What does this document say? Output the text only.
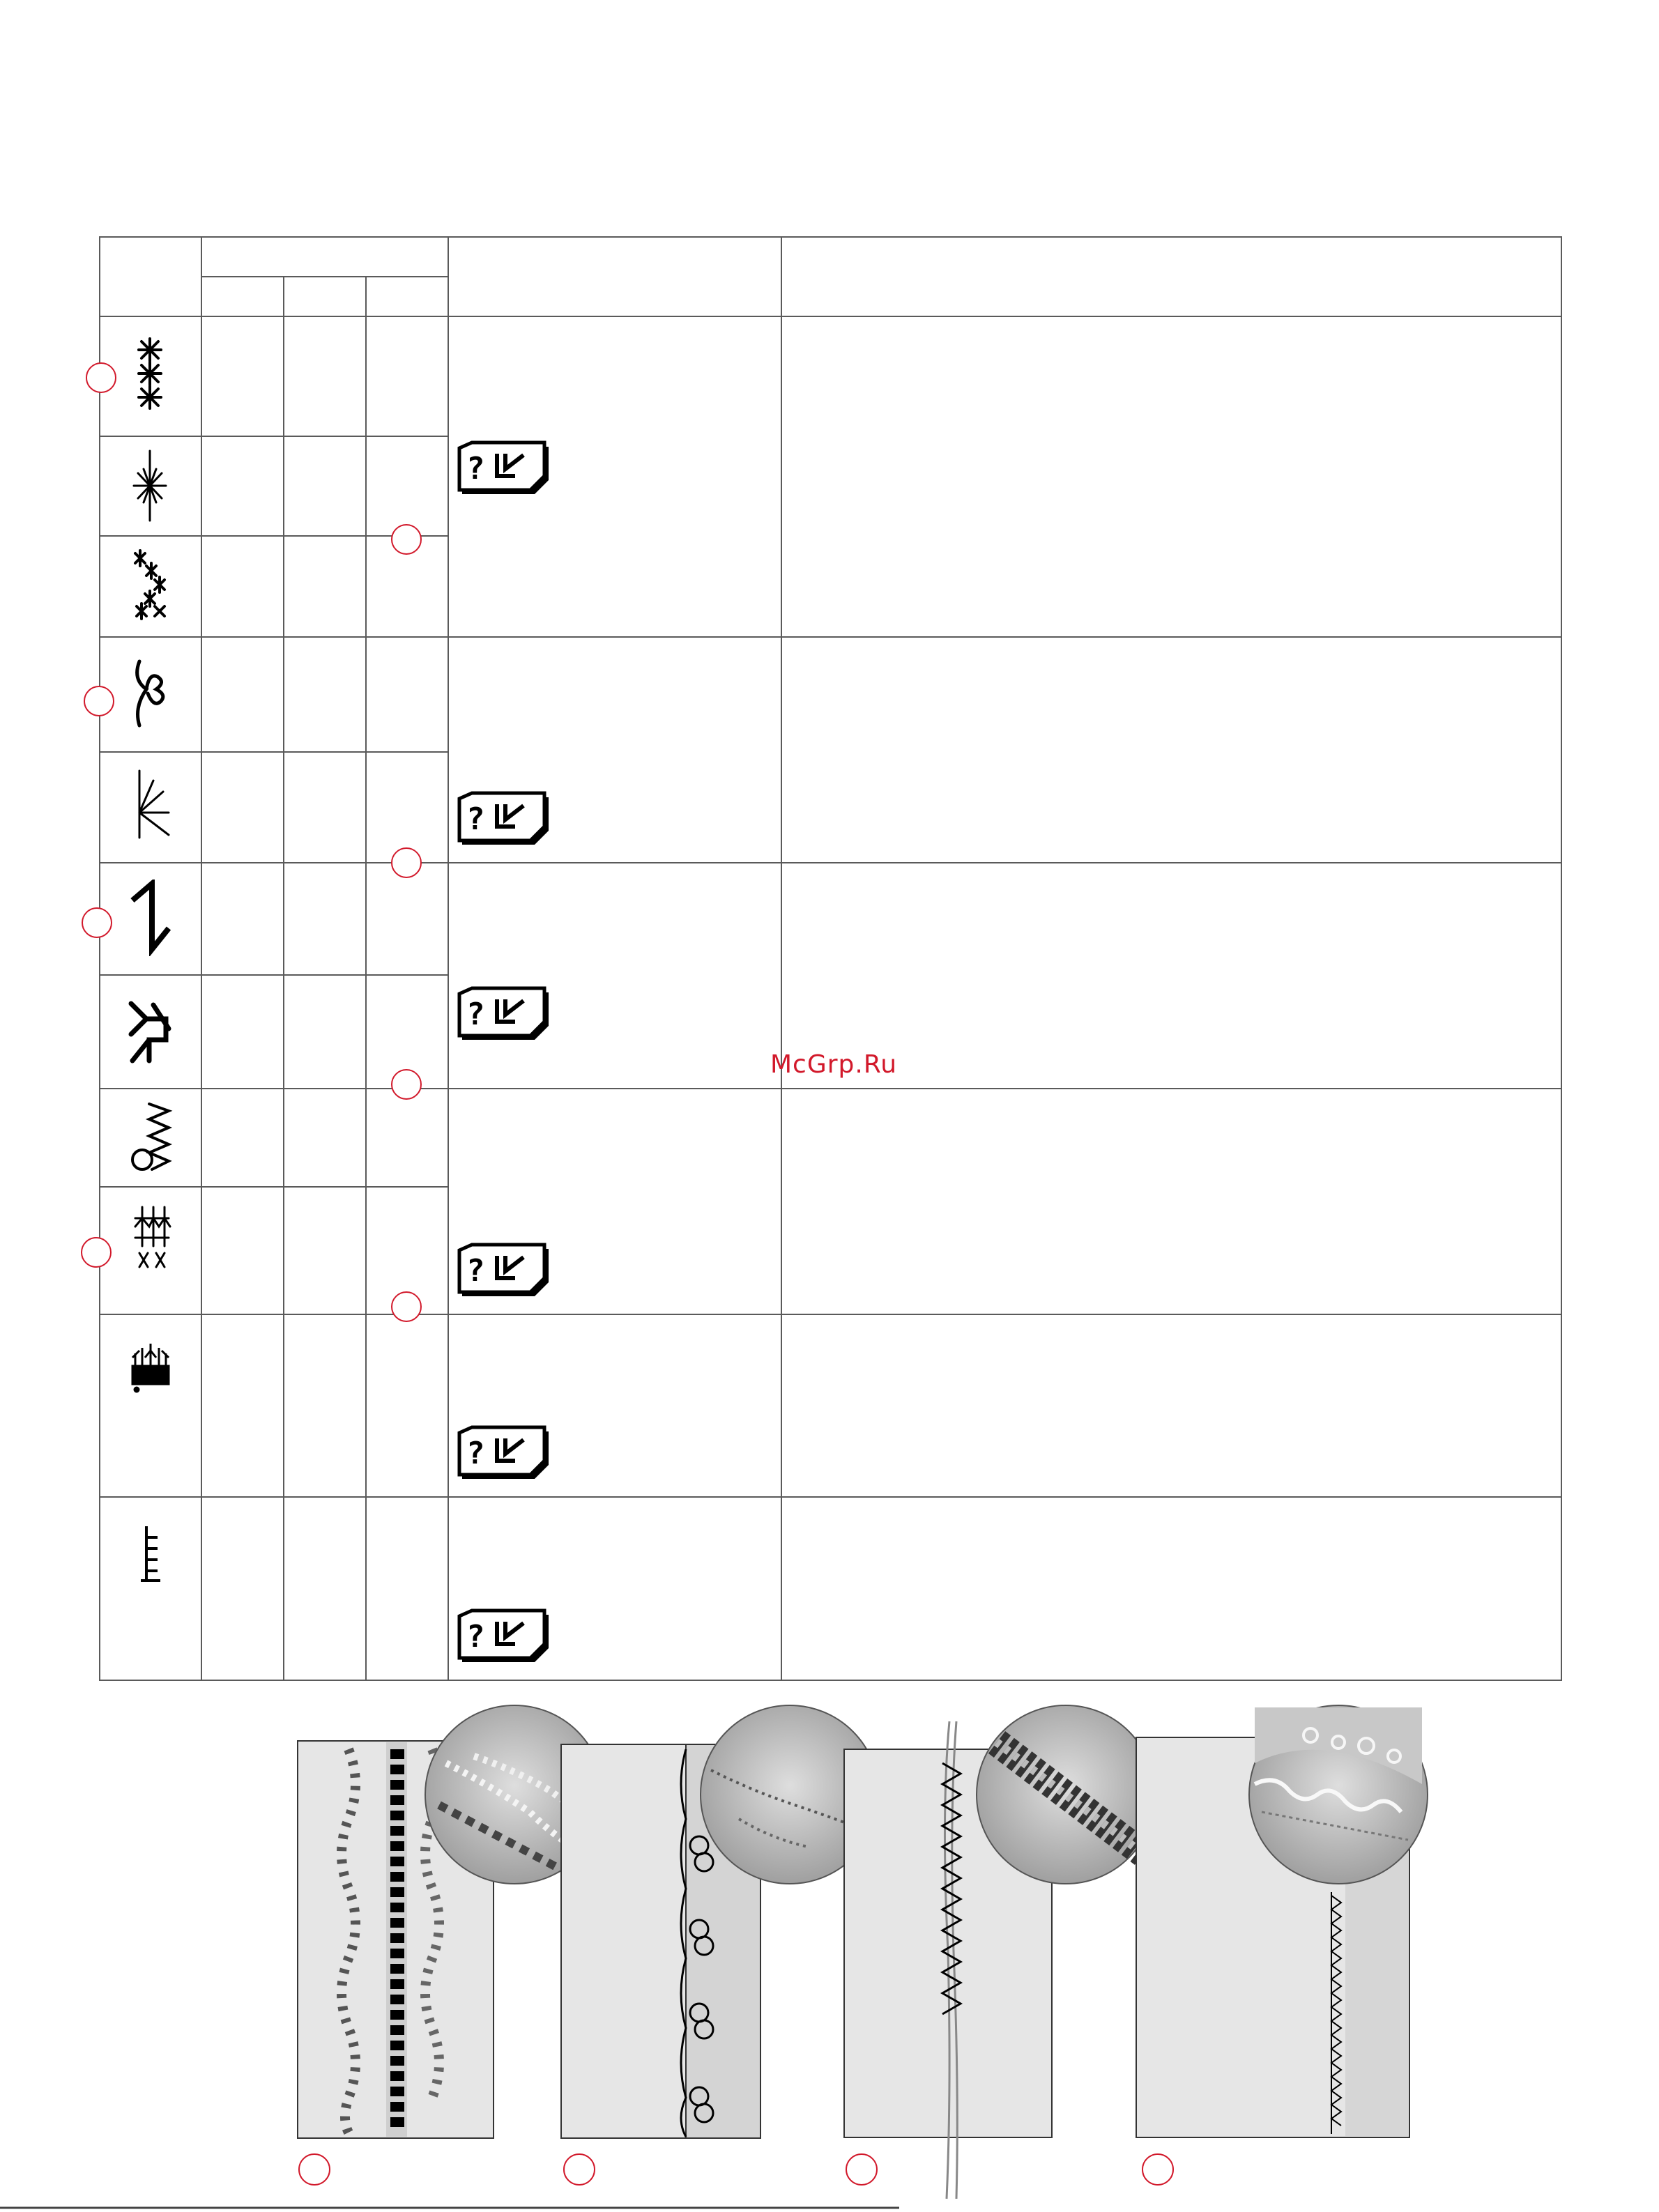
?
?
?
?
?
?
McGrp.Ru
